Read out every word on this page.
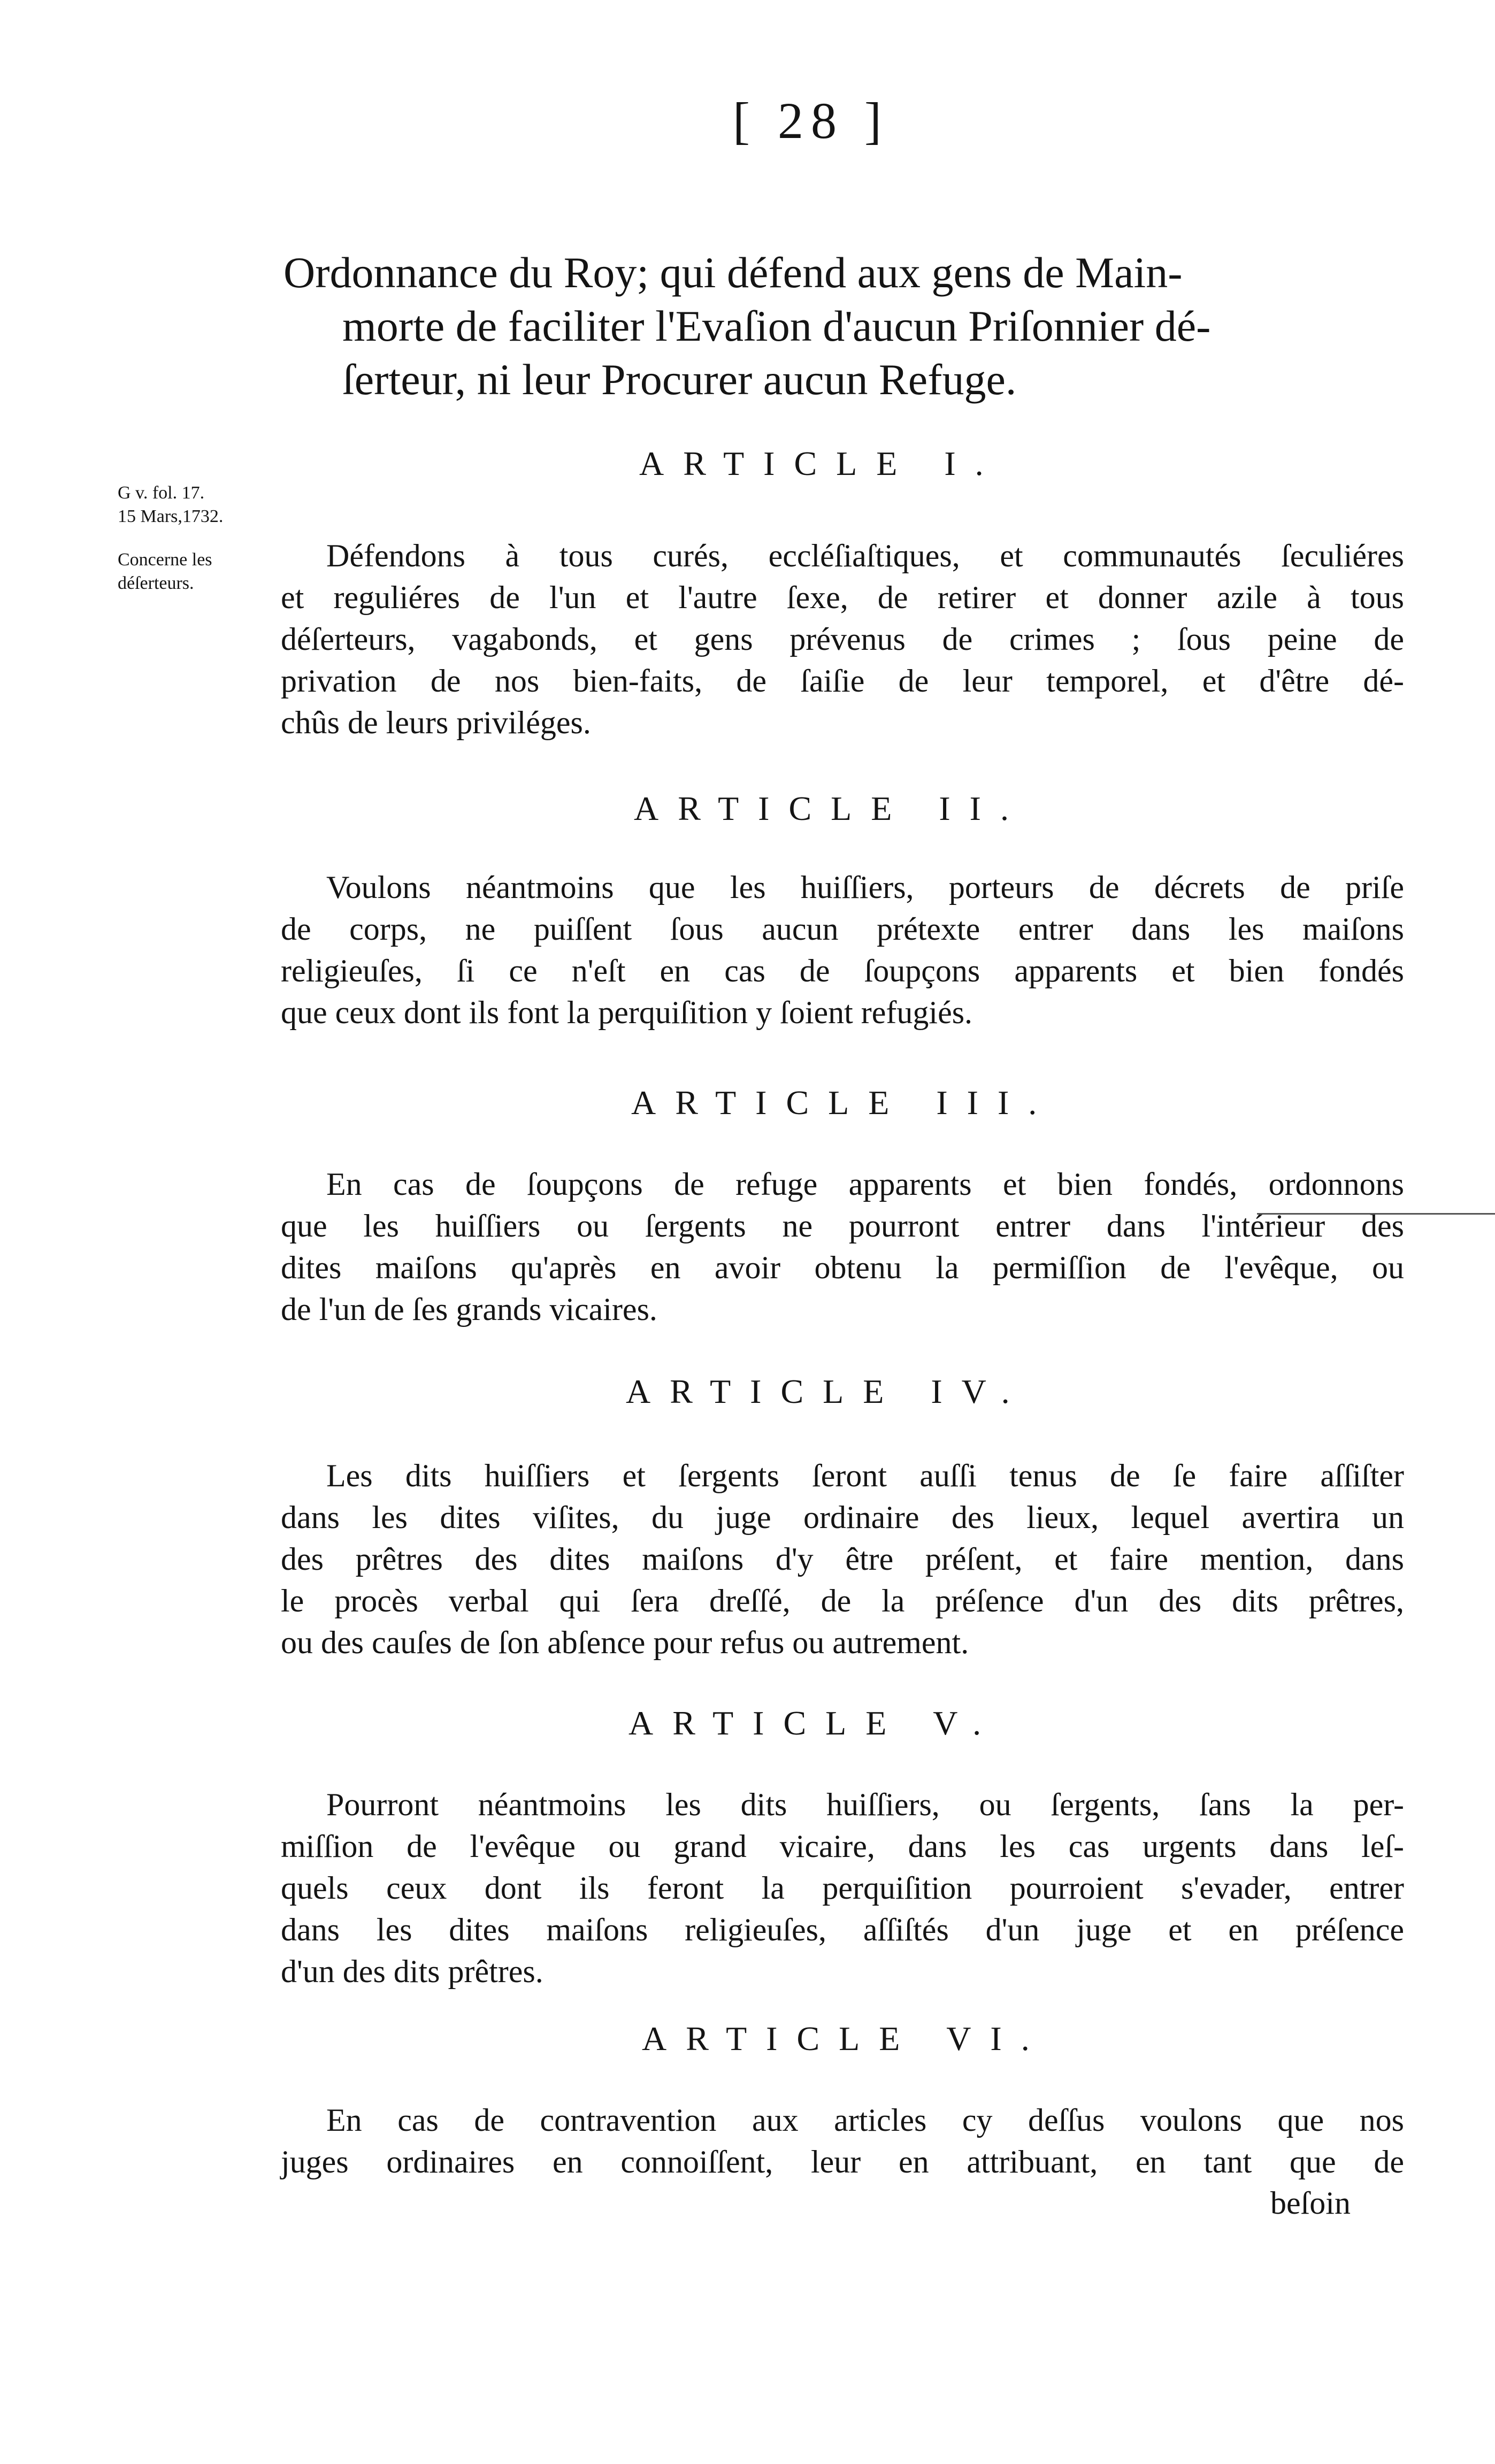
[ 28 ]
Ordonnance du Roy; qui défend aux gens de Main-
morte de faciliter l'Evaſion d'aucun Priſonnier dé-
ſerteur, ni leur Procurer aucun Refuge.
G v. fol. 17.
15 Mars,1732.
Concerne les
déſerteurs.
ARTICLE I.
Défendons à tous curés, eccléſiaſtiques, et communautés ſeculiéres
et reguliéres de l'un et l'autre ſexe, de retirer et donner azile à tous
déſerteurs, vagabonds, et gens prévenus de crimes ; ſous peine de
privation de nos bien-faits, de ſaiſie de leur temporel, et d'être dé-
chûs de leurs priviléges.
ARTICLE II.
Voulons néantmoins que les huiſſiers, porteurs de décrets de priſe
de corps, ne puiſſent ſous aucun prétexte entrer dans les maiſons
religieuſes, ſi ce n'eſt en cas de ſoupçons apparents et bien fondés
que ceux dont ils font la perquiſition y ſoient refugiés.
ARTICLE III.
En cas de ſoupçons de refuge apparents et bien fondés, ordonnons
que les huiſſiers ou ſergents ne pourront entrer dans l'intérieur des
dites maiſons qu'après en avoir obtenu la permiſſion de l'evêque, ou
de l'un de ſes grands vicaires.
ARTICLE IV.
Les dits huiſſiers et ſergents ſeront auſſi tenus de ſe faire aſſiſter
dans les dites viſites, du juge ordinaire des lieux, lequel avertira un
des prêtres des dites maiſons d'y être préſent, et faire mention, dans
le procès verbal qui ſera dreſſé, de la préſence d'un des dits prêtres,
ou des cauſes de ſon abſence pour refus ou autrement.
ARTICLE V.
Pourront néantmoins les dits huiſſiers, ou ſergents, ſans la per-
miſſion de l'evêque ou grand vicaire, dans les cas urgents dans leſ-
quels ceux dont ils feront la perquiſition pourroient s'evader, entrer
dans les dites maiſons religieuſes, aſſiſtés d'un juge et en préſence
d'un des dits prêtres.
ARTICLE VI.
En cas de contravention aux articles cy deſſus voulons que nos
juges ordinaires en connoiſſent, leur en attribuant, en tant que de
beſoin
